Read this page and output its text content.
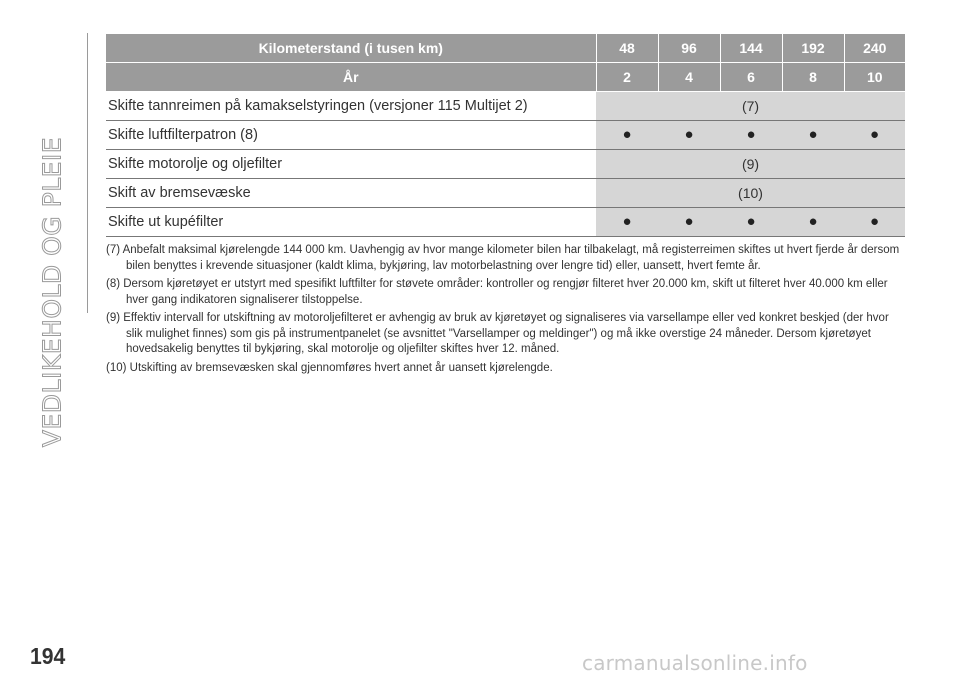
VEDLIKEHOLD OG PLEIE
Kilometerstand (i tusen km)	48	96	144	192	240
År	2	4	6	8	10
Skifte tannreimen på kamakselstyringen (versjoner 115 Multijet 2)	(7)				
Skifte luftfilterpatron (8)	●	●	●	●	●
Skifte motorolje og oljefilter	(9)				
Skift av bremsevæske	(10)				
Skifte ut kupéfilter	●	●	●	●	●

(7) Anbefalt maksimal kjørelengde 144 000 km. Uavhengig av hvor mange kilometer bilen har tilbakelagt, må registerreimen skiftes ut hvert fjerde år dersom bilen benyttes i krevende situasjoner (kaldt klima, bykjøring, lav motorbelastning over lengre tid) eller, uansett, hvert femte år.

(8) Dersom kjøretøyet er utstyrt med spesifikt luftfilter for støvete områder: kontroller og rengjør filteret hver 20.000 km, skift ut filteret hver 40.000 km eller hver gang indikatoren signaliserer tilstoppelse.

(9) Effektiv intervall for utskiftning av motoroljefilteret er avhengig av bruk av kjøretøyet og signaliseres via varsellampe eller ved konkret beskjed (der hvor slik mulighet finnes) som gis på instrumentpanelet (se avsnittet "Varsellamper og meldinger") og må ikke overstige 24 måneder. Dersom kjøretøyet hovedsakelig benyttes til bykjøring, skal motorolje og oljefilter skiftes hver 12. måned.

(10) Utskifting av bremsevæsken skal gjennomføres hvert annet år uansett kjørelengde.

194	carmanualsonline.info
